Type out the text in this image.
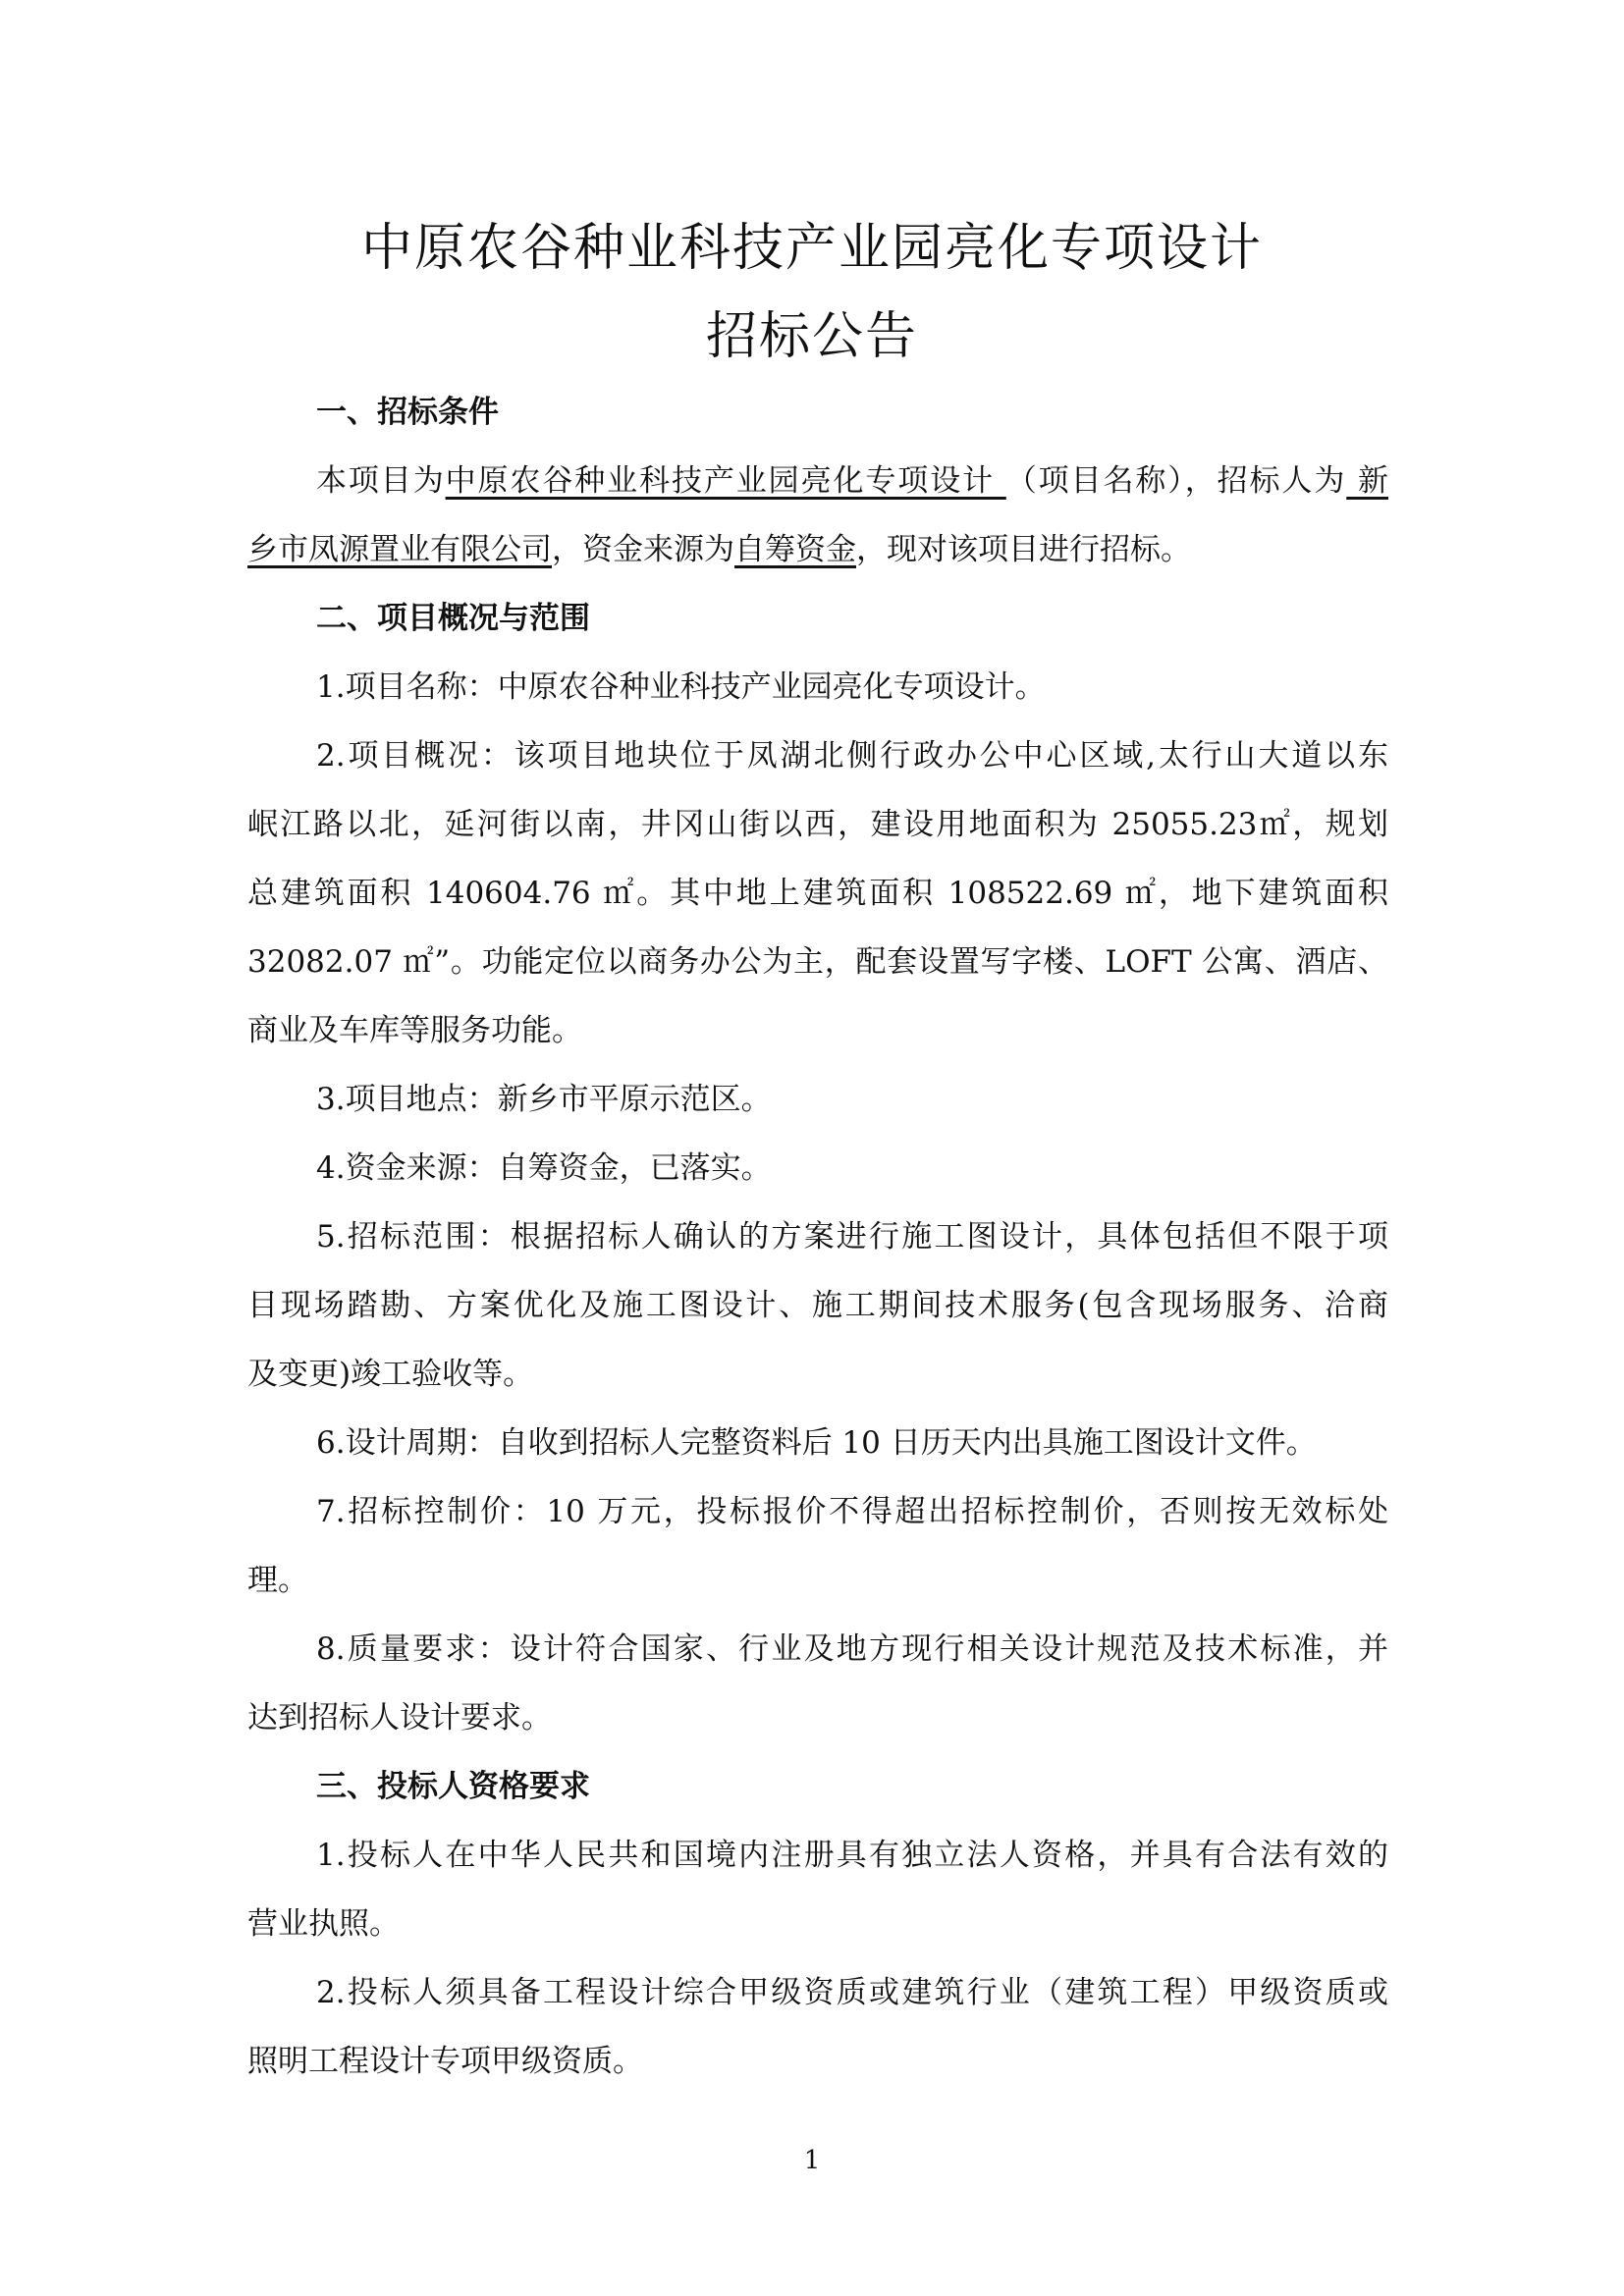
中原农谷种业科技产业园亮化专项设计
招标公告
一、招标条件
本项目为中原农谷种业科技产业园亮化专项设计 （项目名称），招标人为 新
乡市凤源置业有限公司，资金来源为自筹资金，现对该项目进行招标。
二、项目概况与范围
1.项目名称：中原农谷种业科技产业园亮化专项设计。
2.项目概况：该项目地块位于凤湖北侧行政办公中心区域,太行山大道以东
岷江路以北，延河街以南，井冈山街以西，建设用地面积为 25055.23㎡，规划
总建筑面积 140604.76 ㎡。其中地上建筑面积 108522.69 ㎡，地下建筑面积
32082.07 ㎡”。功能定位以商务办公为主，配套设置写字楼、LOFT 公寓、酒店、
商业及车库等服务功能。
3.项目地点：新乡市平原示范区。
4.资金来源：自筹资金，已落实。
5.招标范围：根据招标人确认的方案进行施工图设计，具体包括但不限于项
目现场踏勘、方案优化及施工图设计、施工期间技术服务(包含现场服务、洽商
及变更)竣工验收等。
6.设计周期：自收到招标人完整资料后 10 日历天内出具施工图设计文件。
7.招标控制价：10 万元，投标报价不得超出招标控制价，否则按无效标处
理。
8.质量要求：设计符合国家、行业及地方现行相关设计规范及技术标准，并
达到招标人设计要求。
三、投标人资格要求
1.投标人在中华人民共和国境内注册具有独立法人资格，并具有合法有效的
营业执照。
2.投标人须具备工程设计综合甲级资质或建筑行业（建筑工程）甲级资质或
照明工程设计专项甲级资质。
1
